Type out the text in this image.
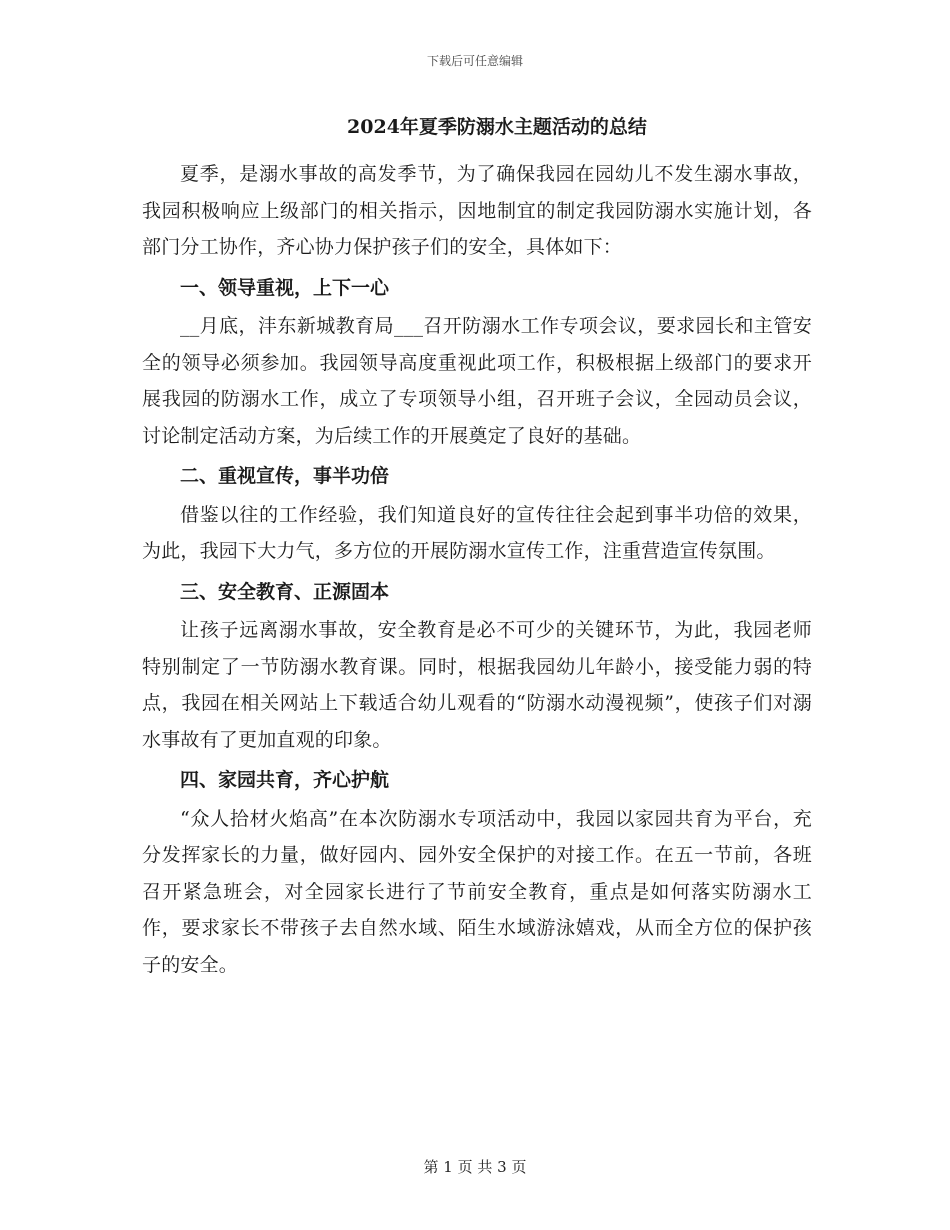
下载后可任意编辑
2024年夏季防溺水主题活动的总结

夏季，是溺水事故的高发季节，为了确保我园在园幼儿不发生溺水事故，我园积极响应上级部门的相关指示，因地制宜的制定我园防溺水实施计划，各部门分工协作，齐心协力保护孩子们的安全，具体如下：

一、领导重视，上下一心

__月底，沣东新城教育局___召开防溺水工作专项会议，要求园长和主管安全的领导必须参加。我园领导高度重视此项工作，积极根据上级部门的要求开展我园的防溺水工作，成立了专项领导小组，召开班子会议，全园动员会议，讨论制定活动方案，为后续工作的开展奠定了良好的基础。

二、重视宣传，事半功倍

借鉴以往的工作经验，我们知道良好的宣传往往会起到事半功倍的效果，为此，我园下大力气，多方位的开展防溺水宣传工作，注重营造宣传氛围。

三、安全教育、正源固本

让孩子远离溺水事故，安全教育是必不可少的关键环节，为此，我园老师特别制定了一节防溺水教育课。同时，根据我园幼儿年龄小，接受能力弱的特点，我园在相关网站上下载适合幼儿观看的“防溺水动漫视频”，使孩子们对溺水事故有了更加直观的印象。

四、家园共育，齐心护航

“众人拾材火焰高”在本次防溺水专项活动中，我园以家园共育为平台，充分发挥家长的力量，做好园内、园外安全保护的对接工作。在五一节前，各班召开紧急班会，对全园家长进行了节前安全教育，重点是如何落实防溺水工作，要求家长不带孩子去自然水域、陌生水域游泳嬉戏，从而全方位的保护孩子的安全。

第 1 页 共 3 页
